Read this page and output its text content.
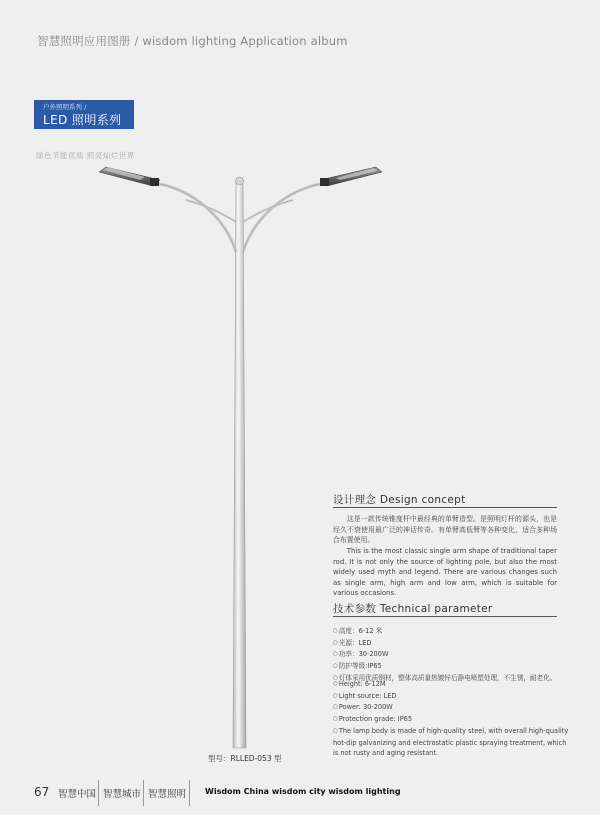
智慧照明应用图册 / wisdom lighting Application album
户外照明系列 /
LED 照明系列
绿色节能优质 照亮灿烂世界
型号：RLLED-053 型
设计理念 Design concept
这是一款传统锥度杆中最经典的单臂造型。是照明灯杆的源头，也是经久不衰使用最广泛的神话传奇。有单臂高低臂等各种变化，适合多种场合布置使用。
This is the most classic single arm shape of traditional taper rod. It is not only the source of lighting pole, but also the most widely used myth and legend. There are various changes such as single arm, high arm and low arm, which is suitable for various occasions.
技术参数 Technical parameter
○ 高度：6-12 米
○ 光源：LED
○ 功率：30-200W
○ 防护等级:IP65
○ 灯体采用优质钢材，整体高质量热镀锌后静电喷塑处理，不生锈，耐老化。
○ Height: 6-12M
○ Light source: LED
○ Power: 30-200W
○ Protection grade: IP65
○ The lamp body is made of high-quality steel, with overall high-quality
hot-dip galvanizing and electrostatic plastic spraying treatment, which
is not rusty and aging resistant.
67 智慧中国 智慧城市 智慧照明 Wisdom China wisdom city wisdom lighting
